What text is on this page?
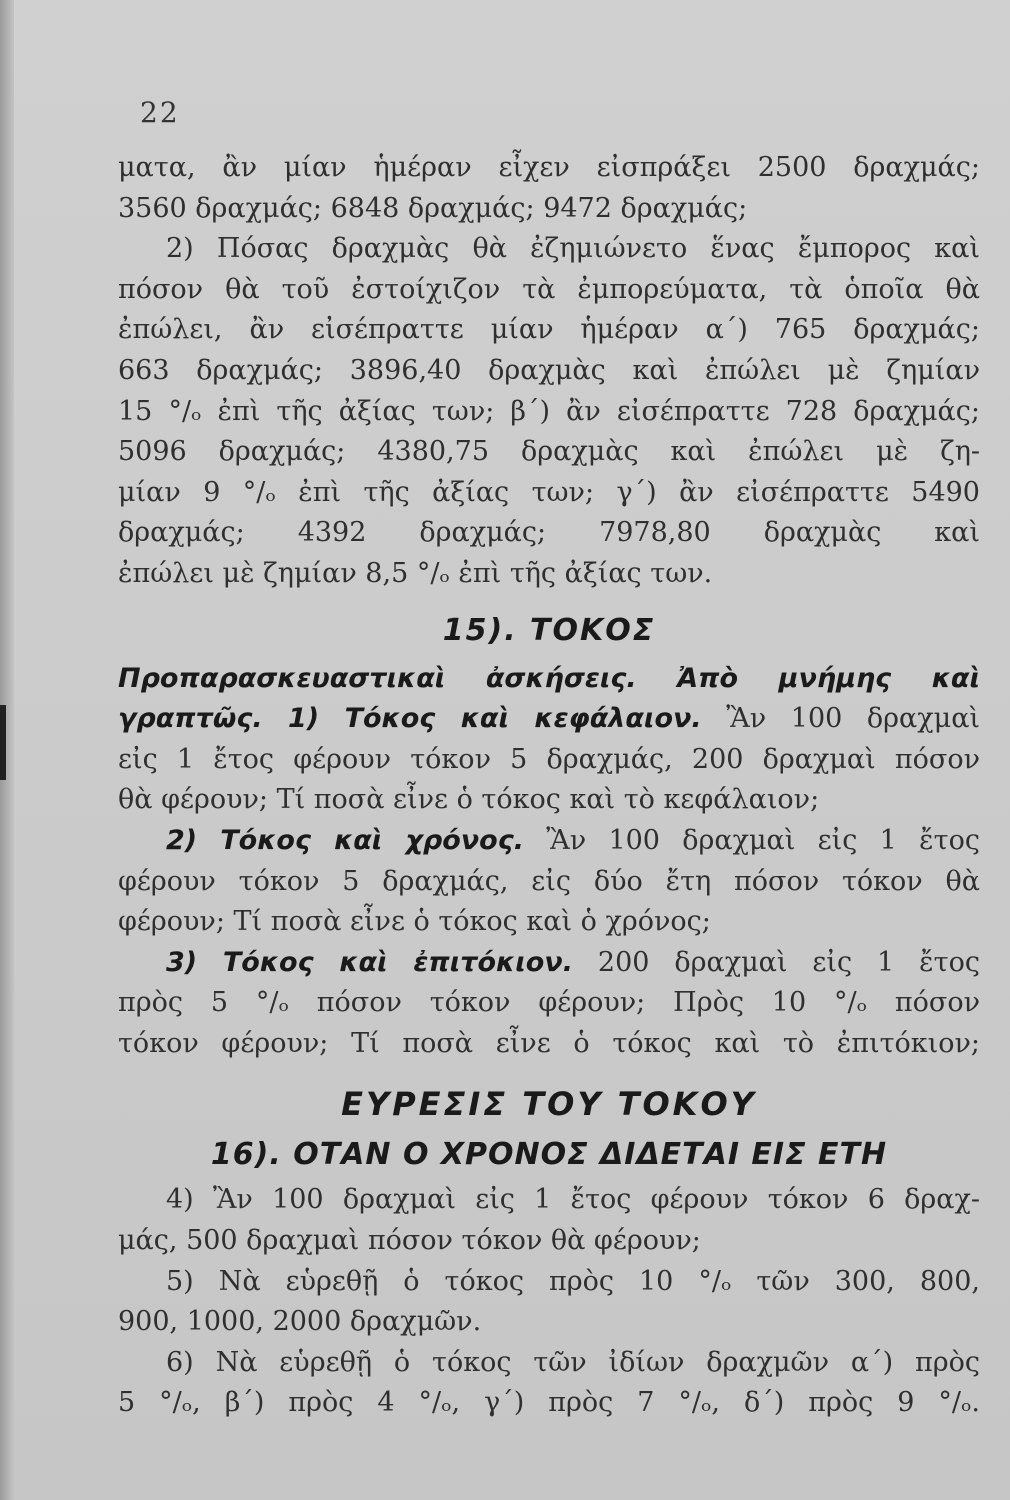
22
ματα, ἂν μίαν ἡμέραν εἶχεν εἰσπράξει 2500 δραχμάς;
3560 δραχμάς; 6848 δραχμάς; 9472 δραχμάς;
2) Πόσας δραχμὰς θὰ ἐζημιώνετο ἕνας ἔμπορος καὶ
πόσον θὰ τοῦ ἐστοίχιζον τὰ ἐμπορεύματα, τὰ ὁποῖα θὰ
ἐπώλει, ἂν εἰσέπραττε μίαν ἡμέραν α΄) 765 δραχμάς;
663 δραχμάς; 3896,40 δραχμὰς καὶ ἐπώλει μὲ ζημίαν
15 °/ₒ ἐπὶ τῆς ἀξίας των; β΄) ἂν εἰσέπραττε 728 δραχμάς;
5096 δραχμάς; 4380,75 δραχμὰς καὶ ἐπώλει μὲ ζη-
μίαν 9 °/ₒ ἐπὶ τῆς ἀξίας των; γ΄) ἂν εἰσέπραττε 5490
δραχμάς; 4392 δραχμάς; 7978,80 δραχμὰς καὶ
ἐπώλει μὲ ζημίαν 8,5 °/ₒ ἐπὶ τῆς ἀξίας των.
15). ΤΟΚΟΣ
Προπαρασκευαστικαὶ ἀσκήσεις. Ἀπὸ μνήμης καὶ
γραπτῶς. 1) Τόκος καὶ κεφάλαιον. Ἂν 100 δραχμαὶ
εἰς 1 ἔτος φέρουν τόκον 5 δραχμάς, 200 δραχμαὶ πόσον
θὰ φέρουν; Τί ποσὰ εἶνε ὁ τόκος καὶ τὸ κεφάλαιον;
2) Τόκος καὶ χρόνος. Ἂν 100 δραχμαὶ εἰς 1 ἔτος
φέρουν τόκον 5 δραχμάς, εἰς δύο ἔτη πόσον τόκον θὰ
φέρουν; Τί ποσὰ εἶνε ὁ τόκος καὶ ὁ χρόνος;
3) Τόκος καὶ ἐπιτόκιον. 200 δραχμαὶ εἰς 1 ἔτος
πρὸς 5 °/ₒ πόσον τόκον φέρουν; Πρὸς 10 °/ₒ πόσον
τόκον φέρουν; Τί ποσὰ εἶνε ὁ τόκος καὶ τὸ ἐπιτόκιον;
ΕΥΡΕΣΙΣ ΤΟΥ ΤΟΚΟΥ
16). ΟΤΑΝ Ο ΧΡΟΝΟΣ ΔΙΔΕΤΑΙ ΕΙΣ ΕΤΗ
4) Ἂν 100 δραχμαὶ εἰς 1 ἔτος φέρουν τόκον 6 δραχ-
μάς, 500 δραχμαὶ πόσον τόκον θὰ φέρουν;
5) Νὰ εὑρεθῇ ὁ τόκος πρὸς 10 °/ₒ τῶν 300, 800,
900, 1000, 2000 δραχμῶν.
6) Νὰ εὑρεθῇ ὁ τόκος τῶν ἰδίων δραχμῶν α΄) πρὸς
5 °/ₒ, β΄) πρὸς 4 °/ₒ, γ΄) πρὸς 7 °/ₒ, δ΄) πρὸς 9 °/ₒ.
